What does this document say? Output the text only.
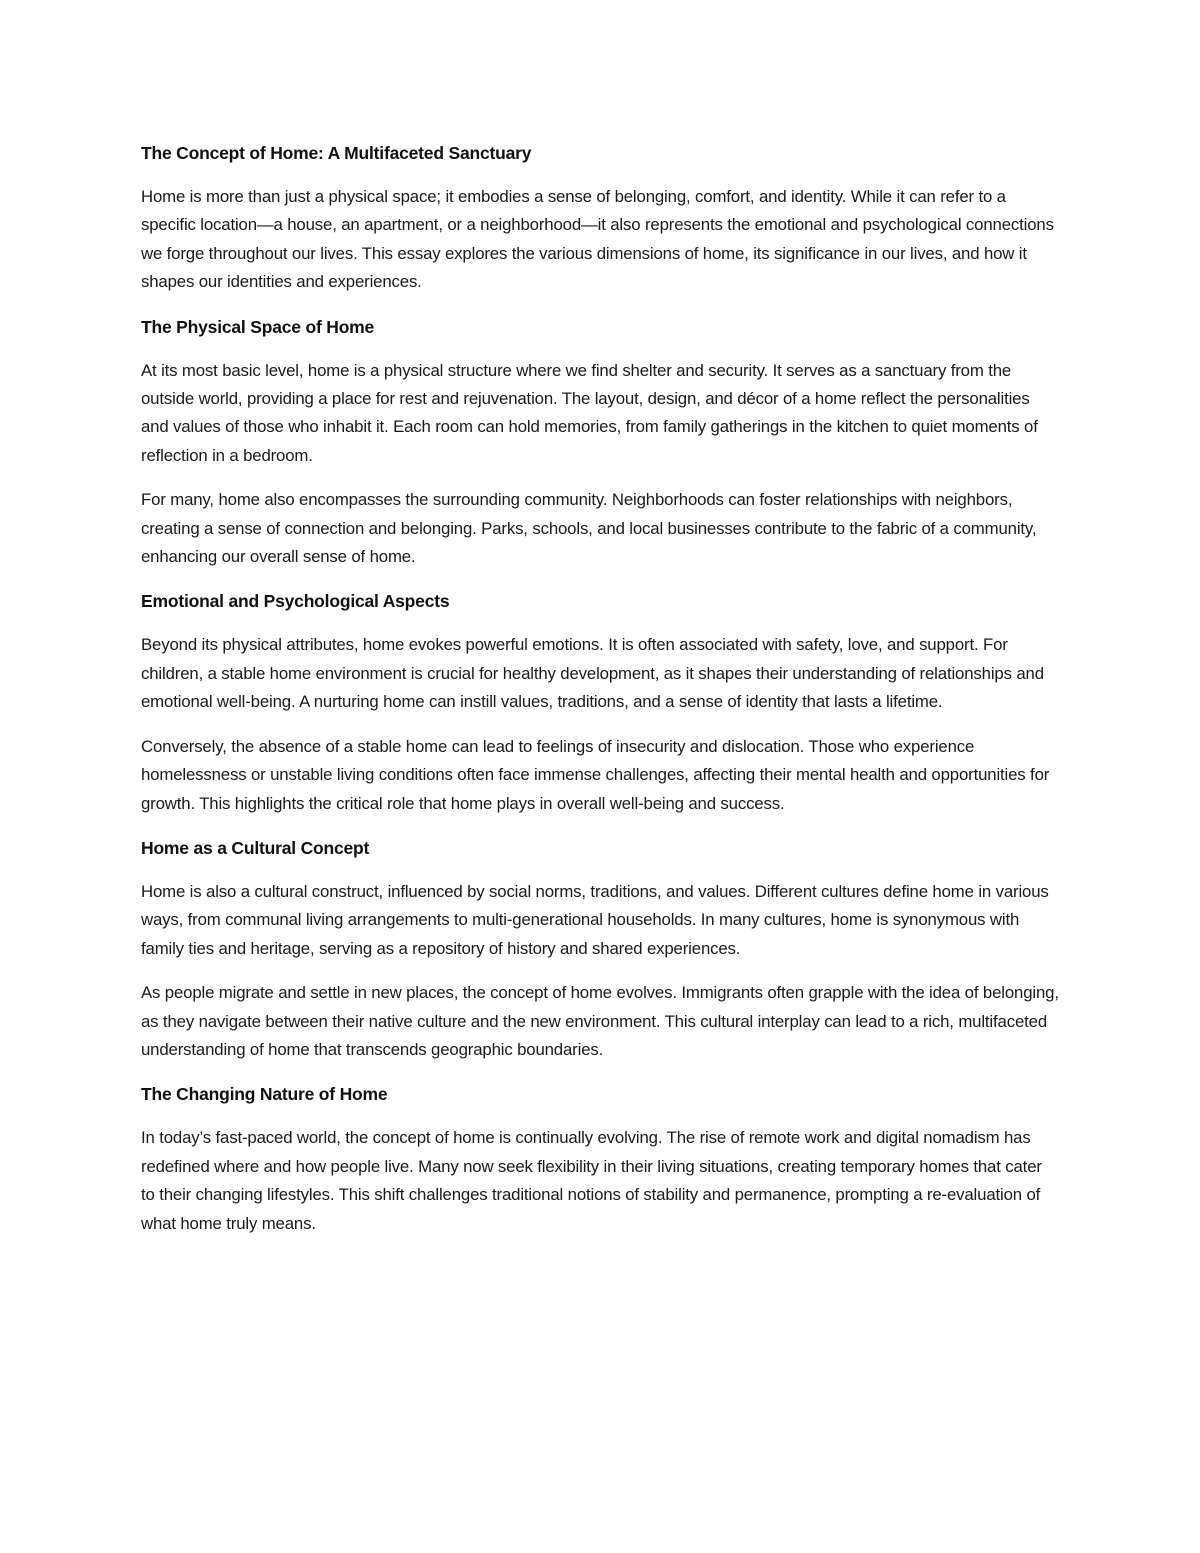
The Concept of Home: A Multifaceted Sanctuary

Home is more than just a physical space; it embodies a sense of belonging, comfort, and identity. While it can refer to a specific location—a house, an apartment, or a neighborhood—it also represents the emotional and psychological connections we forge throughout our lives. This essay explores the various dimensions of home, its significance in our lives, and how it shapes our identities and experiences.

The Physical Space of Home

At its most basic level, home is a physical structure where we find shelter and security. It serves as a sanctuary from the outside world, providing a place for rest and rejuvenation. The layout, design, and décor of a home reflect the personalities and values of those who inhabit it. Each room can hold memories, from family gatherings in the kitchen to quiet moments of reflection in a bedroom.

For many, home also encompasses the surrounding community. Neighborhoods can foster relationships with neighbors, creating a sense of connection and belonging. Parks, schools, and local businesses contribute to the fabric of a community, enhancing our overall sense of home.

Emotional and Psychological Aspects

Beyond its physical attributes, home evokes powerful emotions. It is often associated with safety, love, and support. For children, a stable home environment is crucial for healthy development, as it shapes their understanding of relationships and emotional well-being. A nurturing home can instill values, traditions, and a sense of identity that lasts a lifetime.

Conversely, the absence of a stable home can lead to feelings of insecurity and dislocation. Those who experience homelessness or unstable living conditions often face immense challenges, affecting their mental health and opportunities for growth. This highlights the critical role that home plays in overall well-being and success.

Home as a Cultural Concept

Home is also a cultural construct, influenced by social norms, traditions, and values. Different cultures define home in various ways, from communal living arrangements to multi-generational households. In many cultures, home is synonymous with family ties and heritage, serving as a repository of history and shared experiences.

As people migrate and settle in new places, the concept of home evolves. Immigrants often grapple with the idea of belonging, as they navigate between their native culture and the new environment. This cultural interplay can lead to a rich, multifaceted understanding of home that transcends geographic boundaries.

The Changing Nature of Home

In today’s fast-paced world, the concept of home is continually evolving. The rise of remote work and digital nomadism has redefined where and how people live. Many now seek flexibility in their living situations, creating temporary homes that cater to their changing lifestyles. This shift challenges traditional notions of stability and permanence, prompting a re-evaluation of what home truly means.
